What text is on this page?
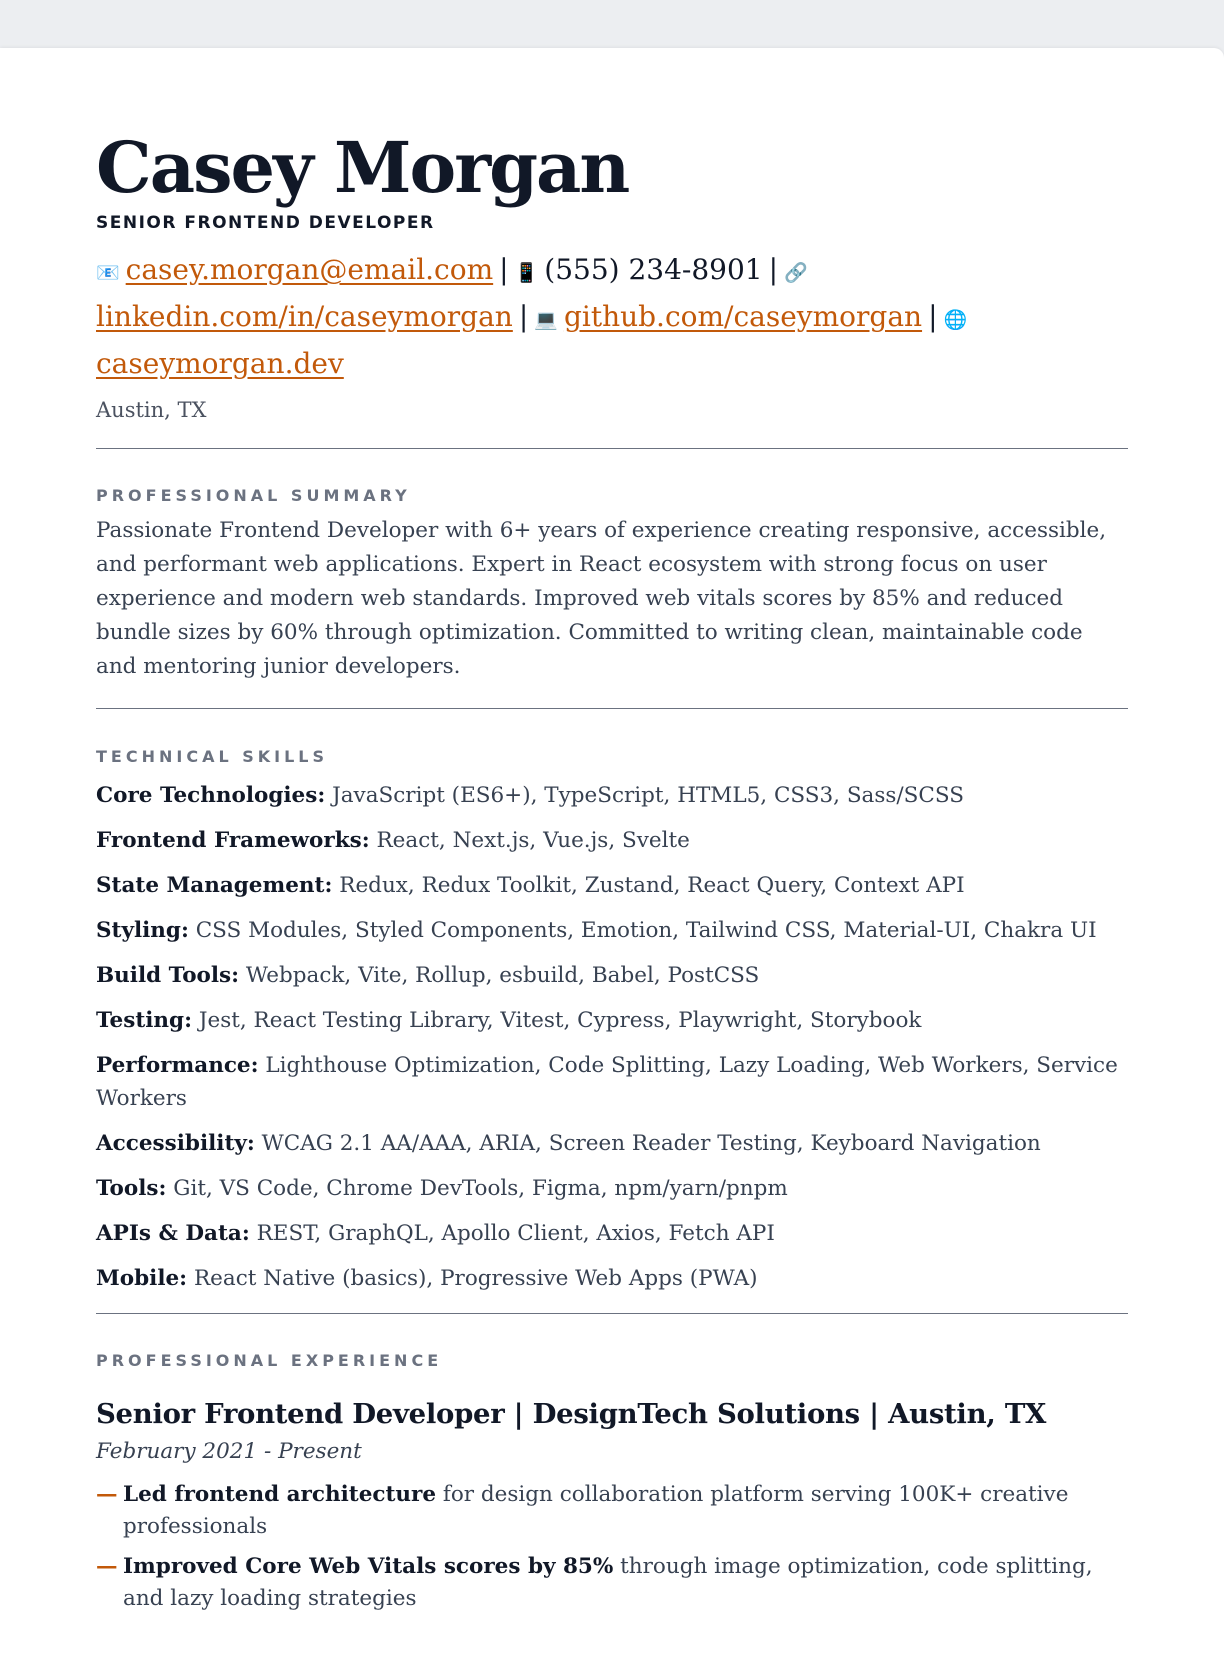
Casey Morgan
SENIOR FRONTEND DEVELOPER
📧 casey.morgan@email.com | 📱 (555) 234-8901 | 🔗
linkedin.com/in/caseymorgan | 💻 github.com/caseymorgan | 🌐
caseymorgan.dev
Austin, TX
PROFESSIONAL SUMMARY
Passionate Frontend Developer with 6+ years of experience creating responsive, accessible, and performant web applications. Expert in React ecosystem with strong focus on user experience and modern web standards. Improved web vitals scores by 85% and reduced bundle sizes by 60% through optimization. Committed to writing clean, maintainable code and mentoring junior developers.
TECHNICAL SKILLS
Core Technologies: JavaScript (ES6+), TypeScript, HTML5, CSS3, Sass/SCSS
Frontend Frameworks: React, Next.js, Vue.js, Svelte
State Management: Redux, Redux Toolkit, Zustand, React Query, Context API
Styling: CSS Modules, Styled Components, Emotion, Tailwind CSS, Material-UI, Chakra UI
Build Tools: Webpack, Vite, Rollup, esbuild, Babel, PostCSS
Testing: Jest, React Testing Library, Vitest, Cypress, Playwright, Storybook
Performance: Lighthouse Optimization, Code Splitting, Lazy Loading, Web Workers, Service Workers
Accessibility: WCAG 2.1 AA/AAA, ARIA, Screen Reader Testing, Keyboard Navigation
Tools: Git, VS Code, Chrome DevTools, Figma, npm/yarn/pnpm
APIs & Data: REST, GraphQL, Apollo Client, Axios, Fetch API
Mobile: React Native (basics), Progressive Web Apps (PWA)
PROFESSIONAL EXPERIENCE
Senior Frontend Developer | DesignTech Solutions | Austin, TX
February 2021 - Present
— Led frontend architecture for design collaboration platform serving 100K+ creative professionals
— Improved Core Web Vitals scores by 85% through image optimization, code splitting, and lazy loading strategies
